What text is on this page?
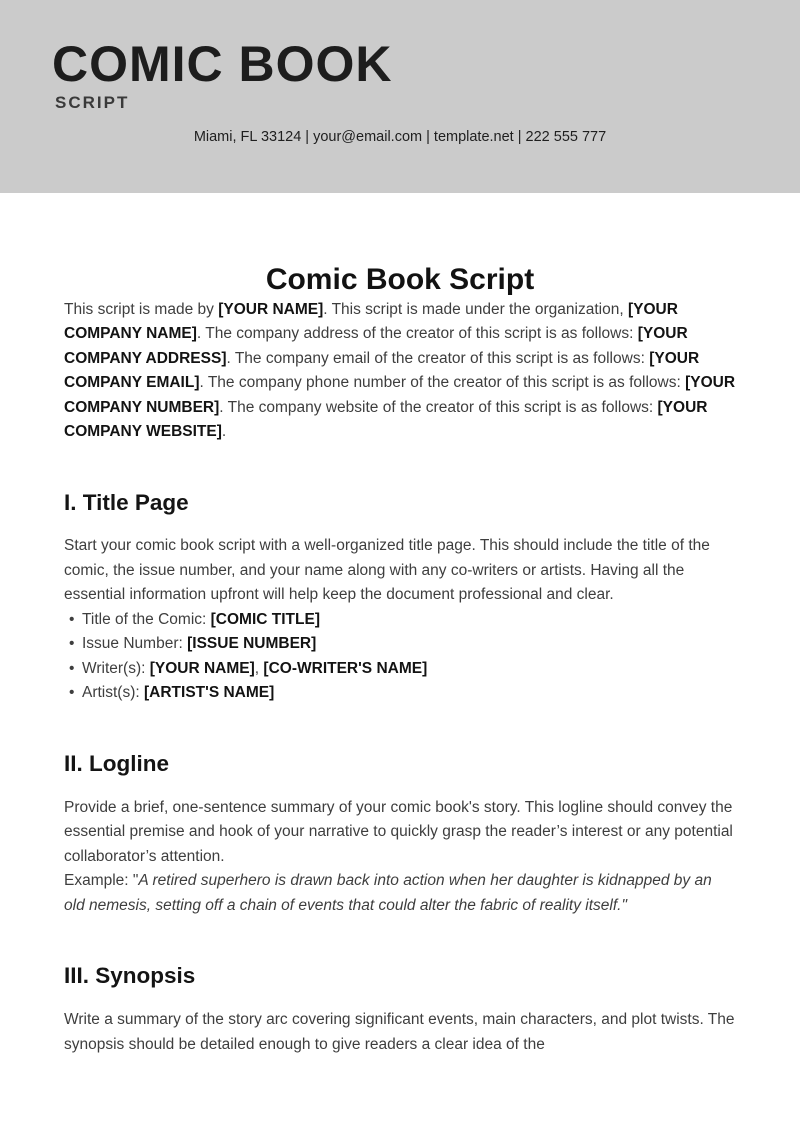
COMIC BOOK
SCRIPT
Miami, FL 33124 | your@email.com | template.net | 222 555 777
Comic Book Script

This script is made by [YOUR NAME]. This script is made under the organization, [YOUR COMPANY NAME]. The company address of the creator of this script is as follows: [YOUR COMPANY ADDRESS]. The company email of the creator of this script is as follows: [YOUR COMPANY EMAIL]. The company phone number of the creator of this script is as follows: [YOUR COMPANY NUMBER]. The company website of the creator of this script is as follows: [YOUR COMPANY WEBSITE].

I. Title Page

Start your comic book script with a well-organized title page. This should include the title of the comic, the issue number, and your name along with any co-writers or artists. Having all the essential information upfront will help keep the document professional and clear.

• Title of the Comic: [COMIC TITLE]
• Issue Number: [ISSUE NUMBER]
• Writer(s): [YOUR NAME], [CO-WRITER'S NAME]
• Artist(s): [ARTIST'S NAME]
II. Logline

Provide a brief, one-sentence summary of your comic book's story. This logline should convey the essential premise and hook of your narrative to quickly grasp the reader’s interest or any potential collaborator’s attention.

Example: "A retired superhero is drawn back into action when her daughter is kidnapped by an old nemesis, setting off a chain of events that could alter the fabric of reality itself."

III. Synopsis

Write a summary of the story arc covering significant events, main characters, and plot twists. The synopsis should be detailed enough to give readers a clear idea of the
